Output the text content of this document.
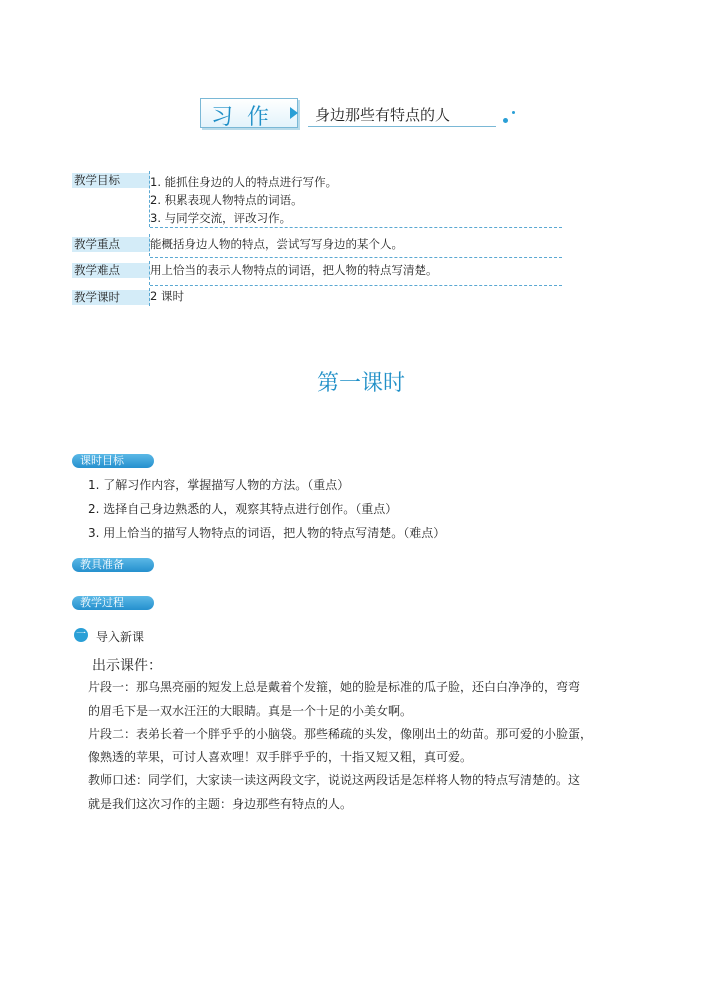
习作 身边那些有特点的人
教学目标	1. 能抓住身边的人的特点进行写作。
2. 积累表现人物特点的词语。
3. 与同学交流，评改习作。
教学重点	能概括身边人物的特点，尝试写写身边的某个人。
教学难点	用上恰当的表示人物特点的词语，把人物的特点写清楚。
教学课时	2 课时
第一课时
课时目标
1. 了解习作内容，掌握描写人物的方法。（重点）
2. 选择自己身边熟悉的人，观察其特点进行创作。（重点）
3. 用上恰当的描写人物特点的词语，把人物的特点写清楚。（难点）
教具准备
教学过程
一 导入新课
出示课件：
片段一：那乌黑亮丽的短发上总是戴着个发箍，她的脸是标准的瓜子脸，还白白净净的，弯弯
的眉毛下是一双水汪汪的大眼睛。真是一个十足的小美女啊。
片段二：表弟长着一个胖乎乎的小脑袋。那些稀疏的头发，像刚出土的幼苗。那可爱的小脸蛋，
像熟透的苹果，可讨人喜欢哩！双手胖乎乎的，十指又短又粗，真可爱。
教师口述：同学们，大家读一读这两段文字，说说这两段话是怎样将人物的特点写清楚的。这
就是我们这次习作的主题：身边那些有特点的人。
